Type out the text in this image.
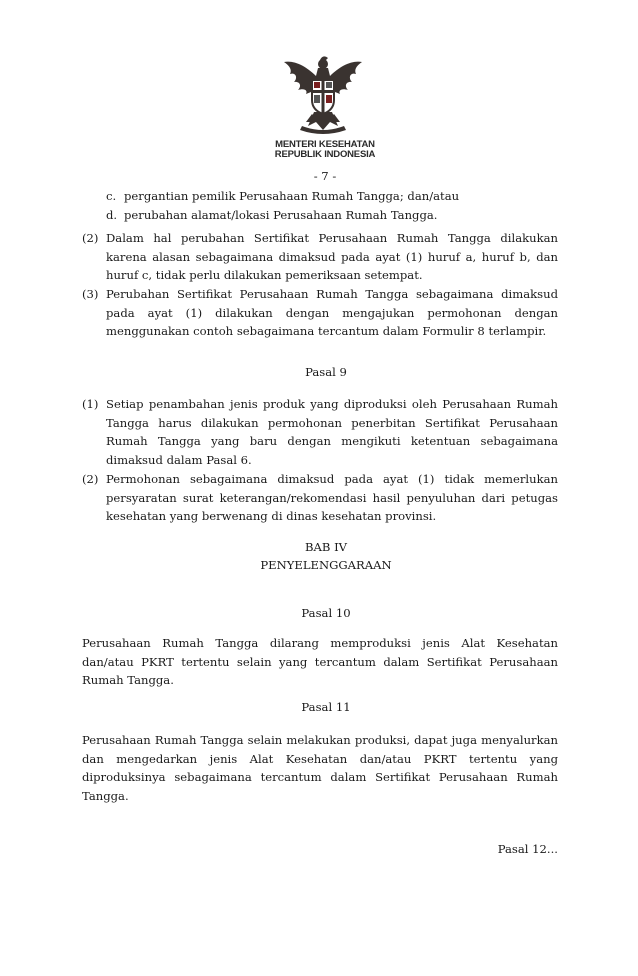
MENTERI KESEHATAN
REPUBLIK INDONESIA
- 7 -
c. pergantian pemilik Perusahaan Rumah Tangga; dan/atau
d. perubahan alamat/lokasi Perusahaan Rumah Tangga.
(2) Dalam hal perubahan Sertifikat Perusahaan Rumah Tangga dilakukan karena alasan sebagaimana dimaksud pada ayat (1) huruf a, huruf b, dan huruf c, tidak perlu dilakukan pemeriksaan setempat.
(3) Perubahan Sertifikat Perusahaan Rumah Tangga sebagaimana dimaksud pada ayat (1) dilakukan dengan mengajukan permohonan dengan menggunakan contoh sebagaimana tercantum dalam Formulir 8 terlampir.
Pasal 9
(1) Setiap penambahan jenis produk yang diproduksi oleh Perusahaan Rumah Tangga harus dilakukan permohonan penerbitan Sertifikat Perusahaan Rumah Tangga yang baru dengan mengikuti ketentuan sebagaimana dimaksud dalam Pasal 6.
(2) Permohonan sebagaimana dimaksud pada ayat (1) tidak memerlukan persyaratan surat keterangan/rekomendasi hasil penyuluhan dari petugas kesehatan yang berwenang di dinas kesehatan provinsi.
BAB IV
PENYELENGGARAAN
Pasal 10
Perusahaan Rumah Tangga dilarang memproduksi jenis Alat Kesehatan dan/atau PKRT tertentu selain yang tercantum dalam Sertifikat Perusahaan Rumah Tangga.
Pasal 11
Perusahaan Rumah Tangga selain melakukan produksi, dapat juga menyalurkan dan mengedarkan jenis Alat Kesehatan dan/atau PKRT tertentu yang diproduksinya sebagaimana tercantum dalam Sertifikat Perusahaan Rumah Tangga.
Pasal 12...
